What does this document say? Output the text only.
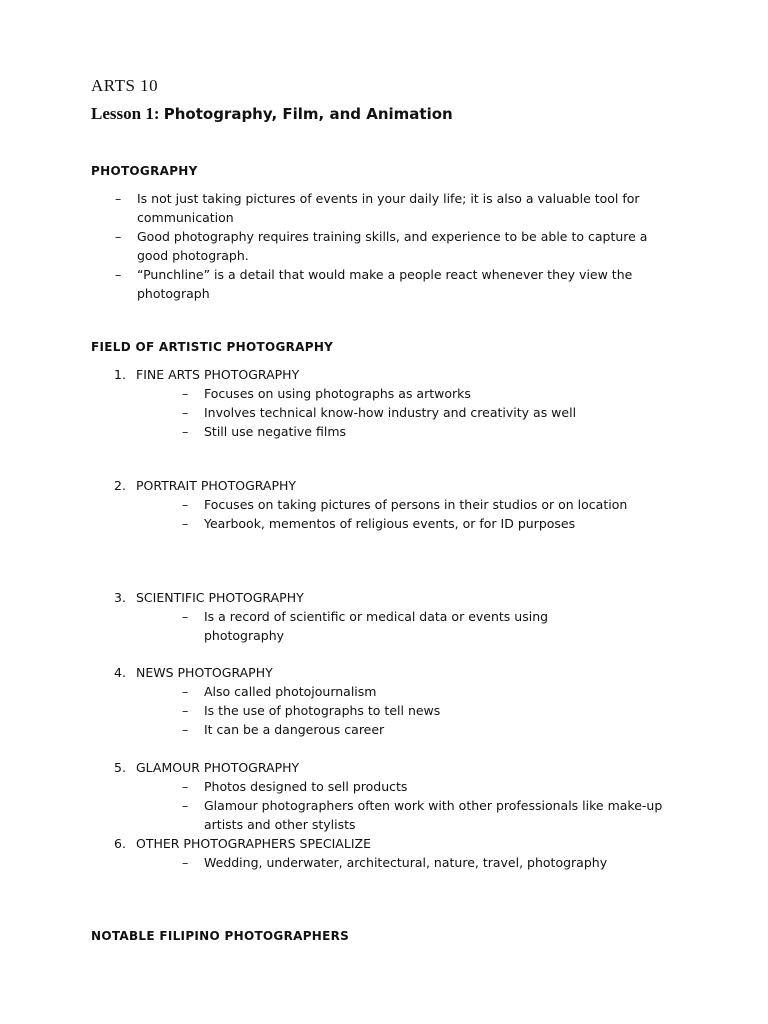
ARTS 10
Lesson 1: Photography, Film, and Animation
PHOTOGRAPHY
– Is not just taking pictures of events in your daily life; it is also a valuable tool for communication
– Good photography requires training skills, and experience to be able to capture a good photograph.
– “Punchline” is a detail that would make a people react whenever they view the photograph
FIELD OF ARTISTIC PHOTOGRAPHY

1. FINE ARTS PHOTOGRAPHY

– Focuses on using photographs as artworks
– Involves technical know-how industry and creativity as well
– Still use negative films

2. PORTRAIT PHOTOGRAPHY

– Focuses on taking pictures of persons in their studios or on location
– Yearbook, mementos of religious events, or for ID purposes

3. SCIENTIFIC PHOTOGRAPHY

– Is a record of scientific or medical data or events using photography

4. NEWS PHOTOGRAPHY

– Also called photojournalism
– Is the use of photographs to tell news
– It can be a dangerous career

5. GLAMOUR PHOTOGRAPHY

– Photos designed to sell products
– Glamour photographers often work with other professionals like make-up artists and other stylists

6. OTHER PHOTOGRAPHERS SPECIALIZE

– Wedding, underwater, architectural, nature, travel, photography
NOTABLE FILIPINO PHOTOGRAPHERS
